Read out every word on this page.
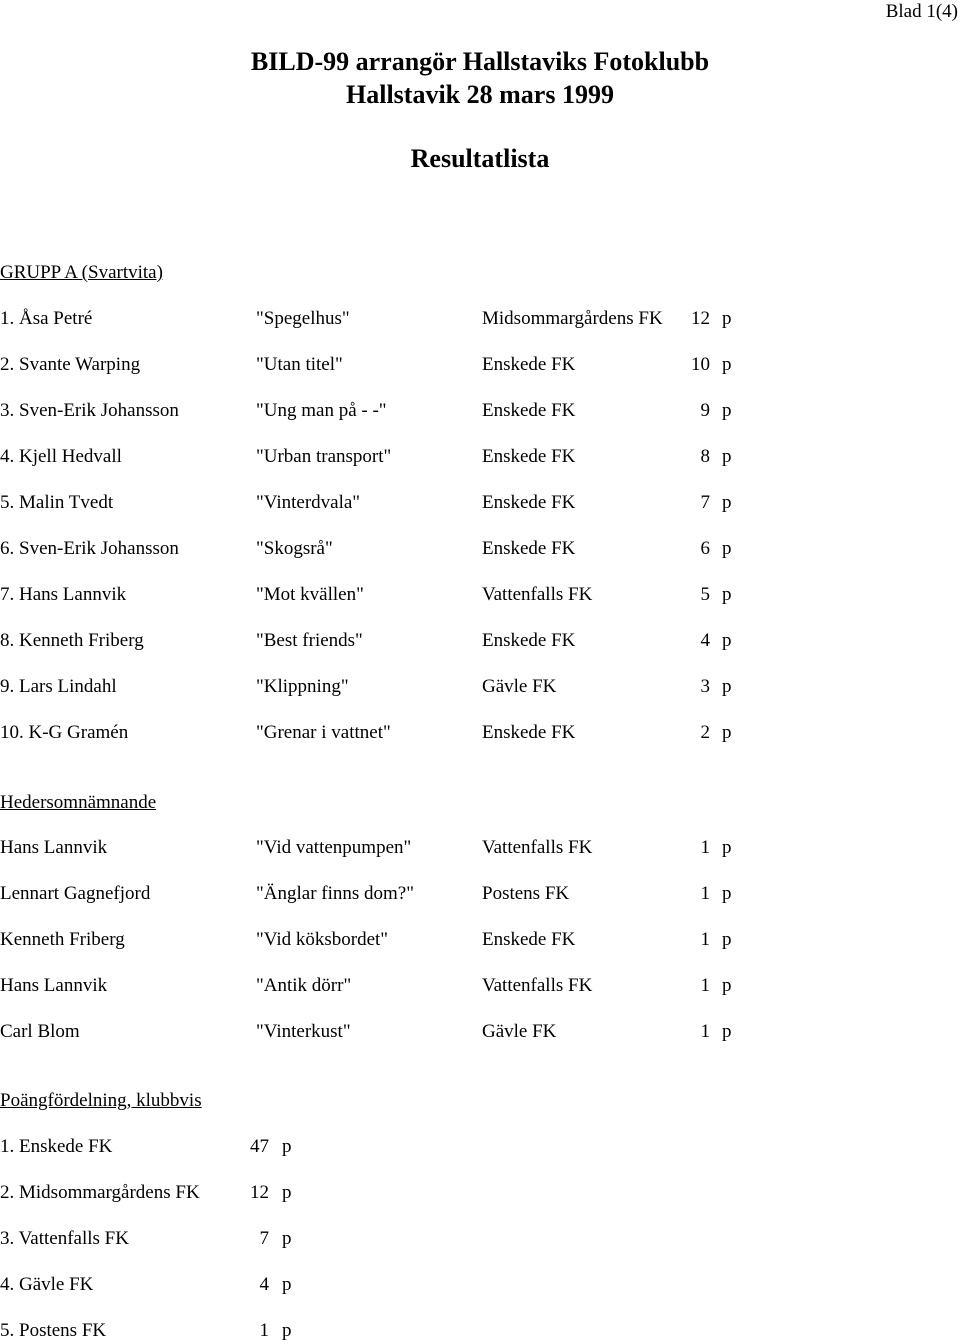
Blad 1(4)
BILD-99 arrangör Hallstaviks Fotoklubb
Hallstavik 28 mars 1999
Resultatlista
GRUPP A (Svartvita)
1. Åsa Petré	"Spegelhus"	Midsommargårdens FK	12 p
2. Svante Warping	"Utan titel"	Enskede FK	10 p
3. Sven-Erik Johansson	"Ung man på - -"	Enskede FK	9 p
4. Kjell Hedvall	"Urban transport"	Enskede FK	8 p
5. Malin Tvedt	"Vinterdvala"	Enskede FK	7 p
6. Sven-Erik Johansson	"Skogsrå"	Enskede FK	6 p
7. Hans Lannvik	"Mot kvällen"	Vattenfalls FK	5 p
8. Kenneth Friberg	"Best friends"	Enskede FK	4 p
9. Lars Lindahl	"Klippning"	Gävle FK	3 p
10. K-G Gramén	"Grenar i vattnet"	Enskede FK	2 p
Hedersomnämnande
Hans Lannvik	"Vid vattenpumpen"	Vattenfalls FK	1 p
Lennart Gagnefjord	"Änglar finns dom?"	Postens FK	1 p
Kenneth Friberg	"Vid köksbordet"	Enskede FK	1 p
Hans Lannvik	"Antik dörr"	Vattenfalls FK	1 p
Carl Blom	"Vinterkust"	Gävle FK	1 p
Poängfördelning, klubbvis
1. Enskede FK	47 p
2. Midsommargårdens FK	12 p
3. Vattenfalls FK	7 p
4. Gävle FK	4 p
5. Postens FK	1 p
